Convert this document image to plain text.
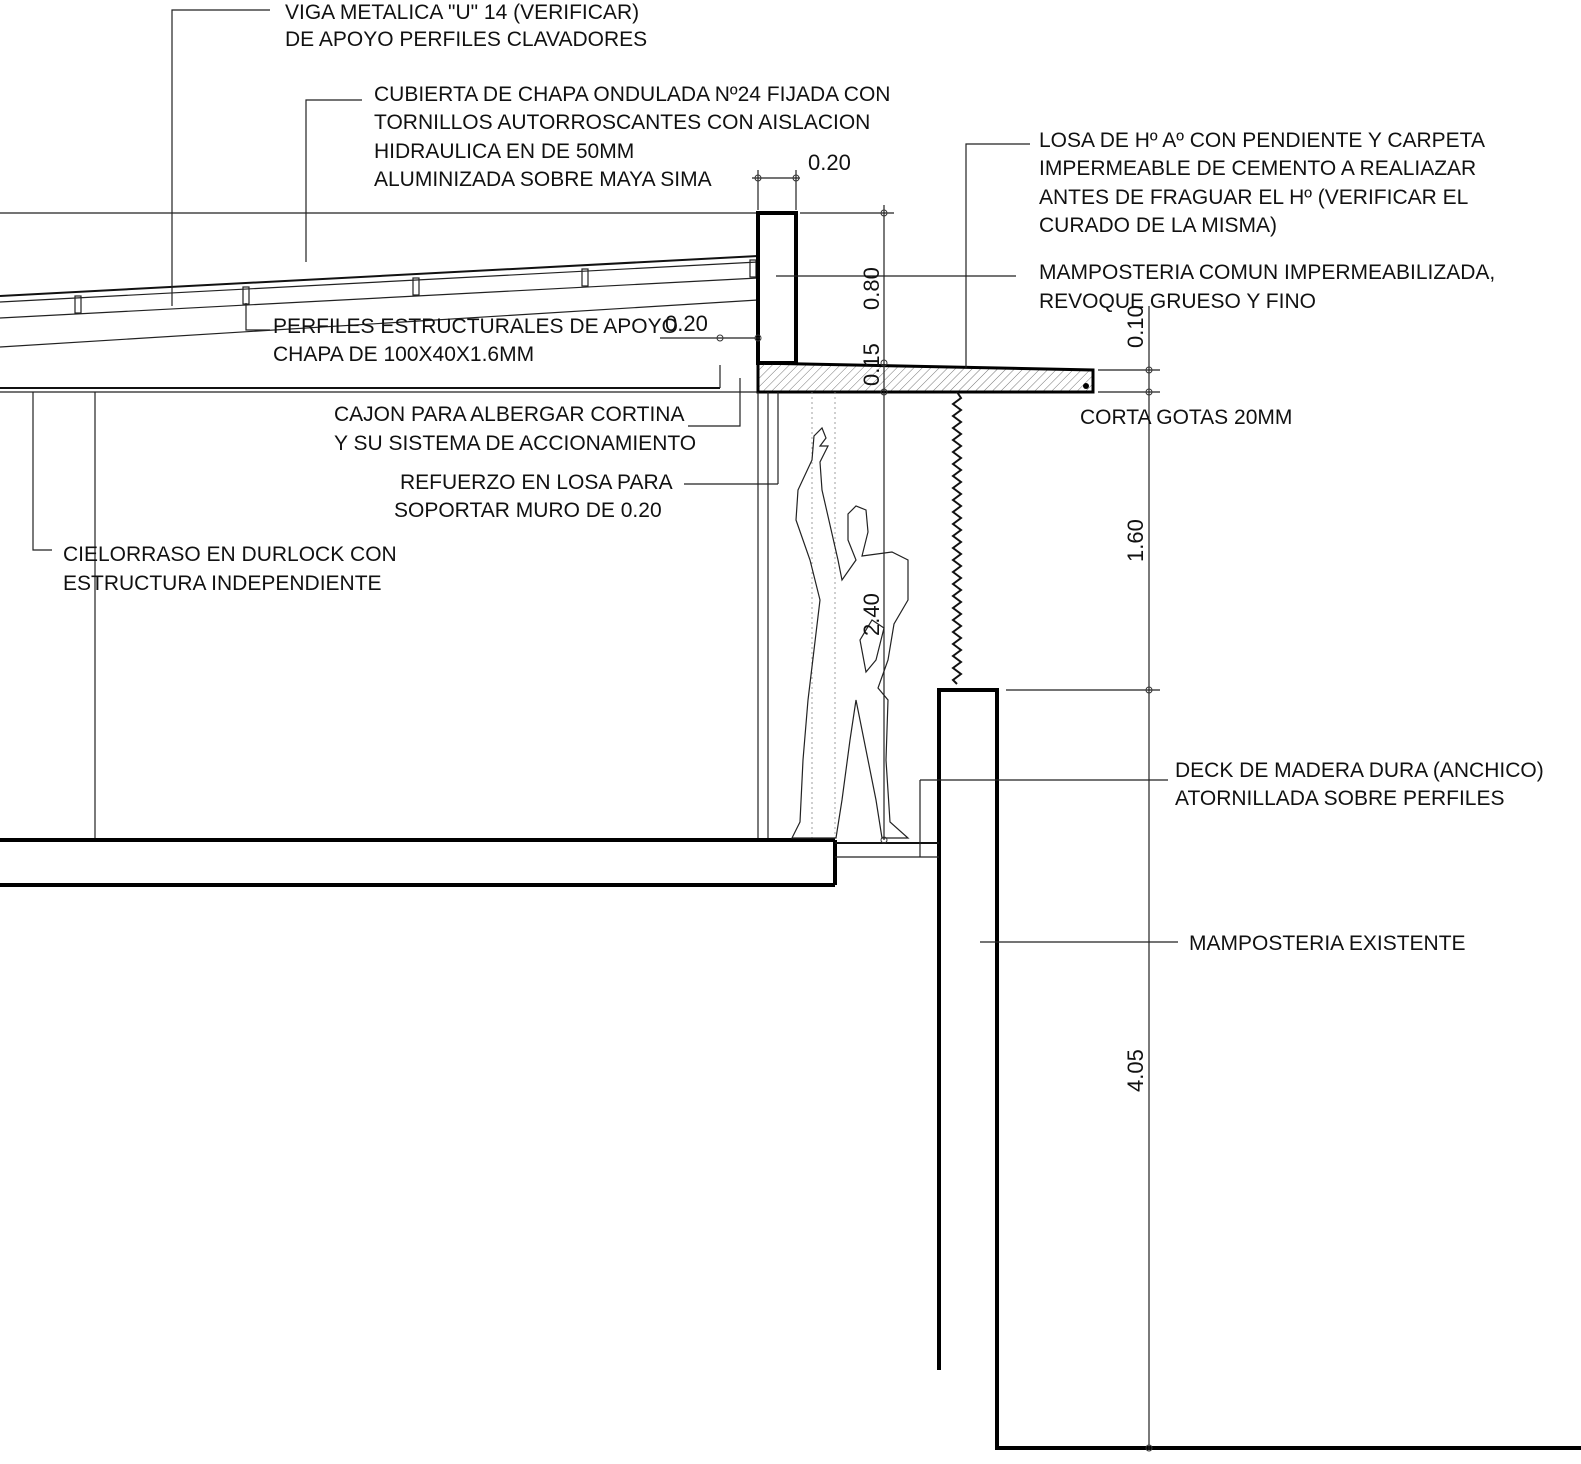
VIGA METALICA "U" 14 (VERIFICAR)
DE APOYO PERFILES CLAVADORES
CUBIERTA DE CHAPA ONDULADA Nº24 FIJADA CON
TORNILLOS AUTORROSCANTES CON AISLACION
HIDRAULICA EN DE 50MM
ALUMINIZADA SOBRE MAYA SIMA
LOSA DE Hº Aº CON PENDIENTE Y CARPETA
IMPERMEABLE DE CEMENTO A REALIAZAR
ANTES DE FRAGUAR EL Hº (VERIFICAR EL
CURADO DE LA MISMA)
MAMPOSTERIA COMUN IMPERMEABILIZADA,
REVOQUE GRUESO Y FINO
PERFILES ESTRUCTURALES DE APOYO
CHAPA DE 100X40X1.6MM
CAJON PARA ALBERGAR CORTINA
Y SU SISTEMA DE ACCIONAMIENTO
REFUERZO EN LOSA PARA
SOPORTAR MURO DE 0.20
CIELORRASO EN DURLOCK CON
ESTRUCTURA INDEPENDIENTE
CORTA GOTAS 20MM
DECK DE MADERA DURA (ANCHICO)
ATORNILLADA SOBRE PERFILES
MAMPOSTERIA EXISTENTE
0.20
0.20
0.80
0.15
0.10
1.60
2.40
4.05
